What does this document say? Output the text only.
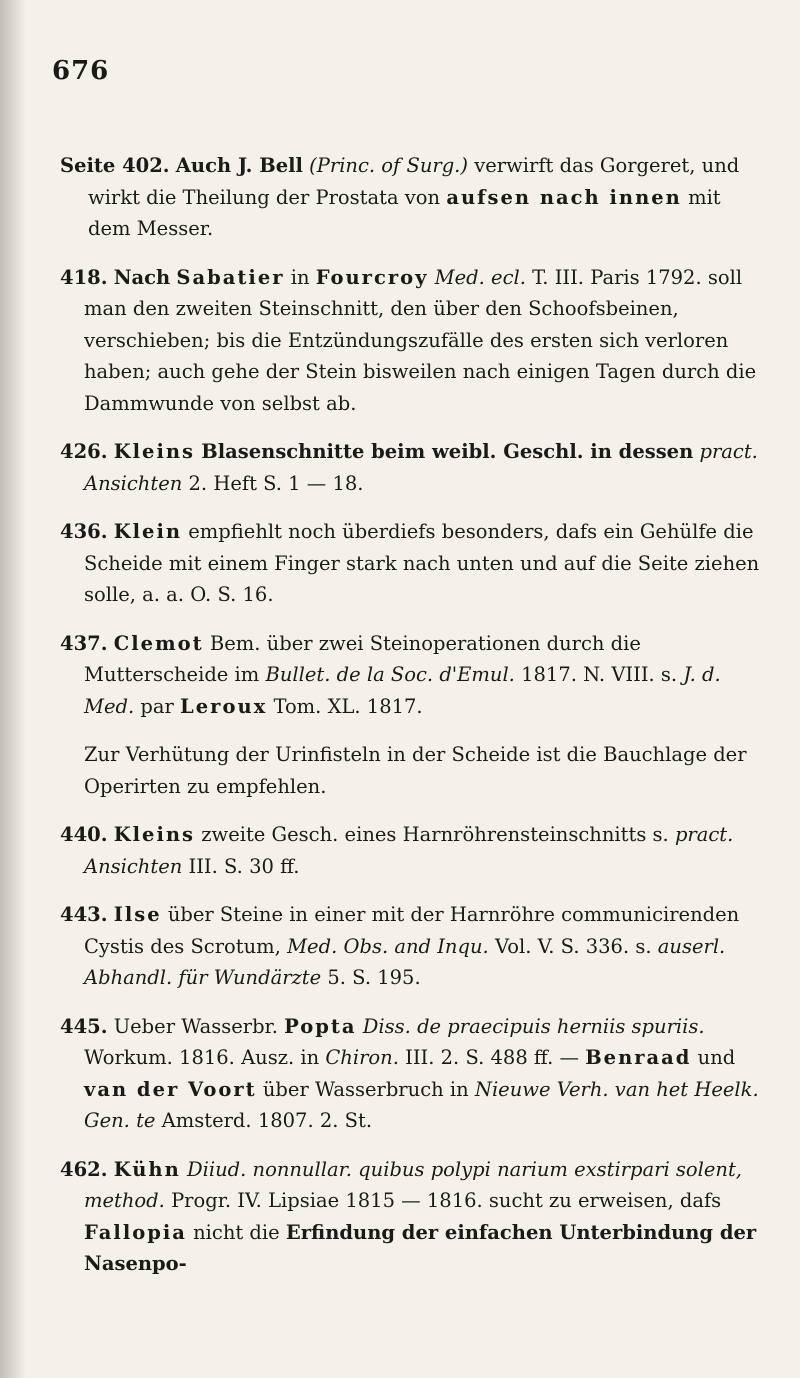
676

Seite 402. Auch J. Bell (Princ. of Surg.) verwirft das Gorgeret, und wirkt die Theilung der Prostata von aufsen nach innen mit dem Messer.

418. Nach Sabatier in Fourcroy Med. ecl. T. III. Paris 1792. soll man den zweiten Steinschnitt, den über den Schoofsbeinen, verschieben; bis die Entzündungszufälle des ersten sich verloren haben; auch gehe der Stein bisweilen nach einigen Tagen durch die Dammwunde von selbst ab.

426. Kleins Blasenschnitte beim weibl. Geschl. in dessen pract. Ansichten 2. Heft S. 1 — 18.

436. Klein empfiehlt noch überdiefs besonders, dafs ein Gehülfe die Scheide mit einem Finger stark nach unten und auf die Seite ziehen solle, a. a. O. S. 16.

437. Clemot Bem. über zwei Steinoperationen durch die Mutterscheide im Bullet. de la Soc. d'Emul. 1817. N. VIII. s. J. d. Med. par Leroux Tom. XL. 1817.

Zur Verhütung der Urinfisteln in der Scheide ist die Bauchlage der Operirten zu empfehlen.

440. Kleins zweite Gesch. eines Harnröhrensteinschnitts s. pract. Ansichten III. S. 30 ff.

443. Ilse über Steine in einer mit der Harnröhre communicirenden Cystis des Scrotum, Med. Obs. and Inqu. Vol. V. S. 336. s. auserl. Abhandl. für Wundärzte 5. S. 195.

445. Ueber Wasserbr. Popta Diss. de praecipuis herniis spuriis. Workum. 1816. Ausz. in Chiron. III. 2. S. 488 ff. — Benraad und van der Voort über Wasserbruch in Nieuwe Verh. van het Heelk. Gen. te Amsterd. 1807. 2. St.

462. Kühn Diiud. nonnullar. quibus polypi narium exstirpari solent, method. Progr. IV. Lipsiae 1815 — 1816. sucht zu erweisen, dafs Fallopia nicht die Erfindung der einfachen Unterbindung der Nasenpo-
